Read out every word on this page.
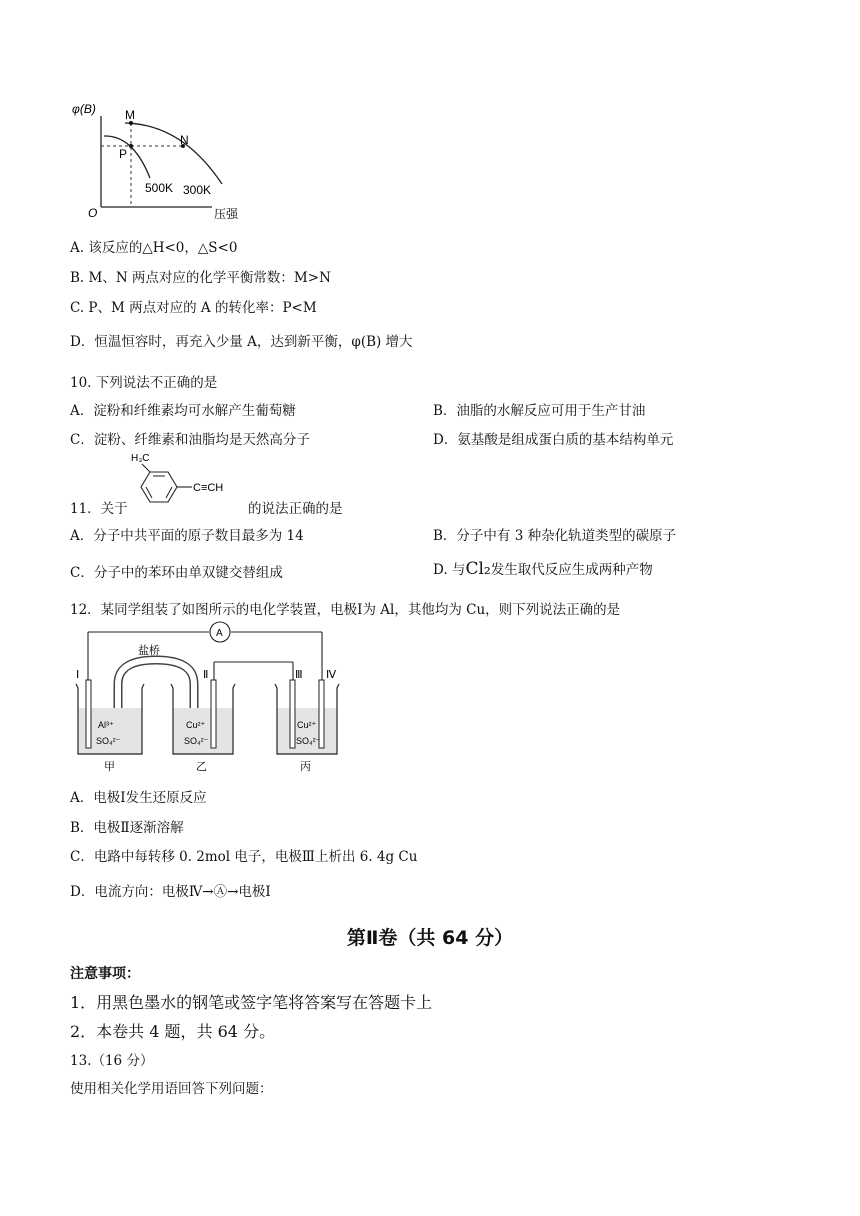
φ(B)
O	压强
M
P
N
500K 300K
A. 该反应的△H<0，△S<0
B. M、N 两点对应的化学平衡常数：M>N
C. P、M 两点对应的 A 的转化率：P<M
D．恒温恒容时，再充入少量 A，达到新平衡，φ(B) 增大
10. 下列说法不正确的是
A．淀粉和纤维素均可水解产生葡萄糖	B．油脂的水解反应可用于生产甘油
C．淀粉、纤维素和油脂均是天然高分子	D．氨基酸是组成蛋白质的基本结构单元
11．关于
H₃C
C≡CH
的说法正确的是
A．分子中共平面的原子数目最多为 14	B．分子中有 3 种杂化轨道类型的碳原子
C．分子中的苯环由单双键交替组成	D. 与Cl₂发生取代反应生成两种产物
12．某同学组装了如图所示的电化学装置，电极Ⅰ为 Al，其他均为 Cu，则下列说法正确的是
A
Ⅰ	Ⅱ	Ⅲ Ⅳ
盐桥
Al³⁺
SO₄²⁻
甲
Cu²⁺
SO₄²⁻
乙
Cu²⁺
SO₄²⁻
丙
A．电极Ⅰ发生还原反应
B．电极Ⅱ逐渐溶解
C．电路中每转移 0. 2mol 电子，电极Ⅲ上析出 6. 4g Cu
D．电流方向：电极Ⅳ→Ⓐ→电极Ⅰ
第Ⅱ卷（共 64 分）
注意事项：
1．用黑色墨水的钢笔或签字笔将答案写在答题卡上
2．本卷共 4 题，共 64 分。
13.（16 分）
使用相关化学用语回答下列问题：
